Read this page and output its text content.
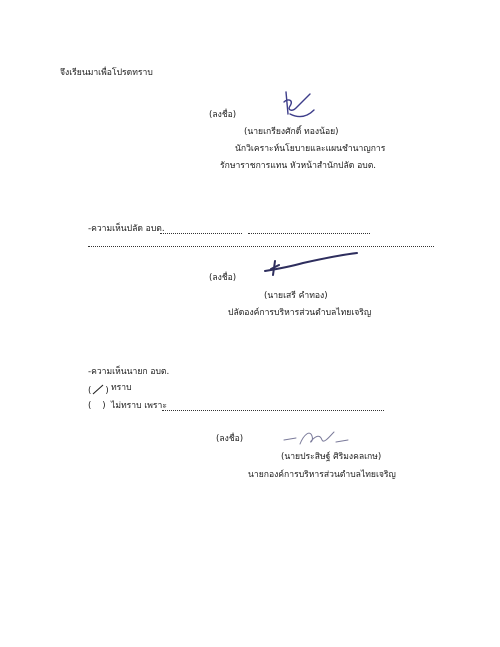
จึงเรียนมาเพื่อโปรดทราบ
(ลงชื่อ)
(นายเกรียงศักดิ์ ทองน้อย)
นักวิเคราะห์นโยบายและแผนชำนาญการ
รักษาราชการแทน หัวหน้าสำนักปลัด อบต.
-ความเห็นปลัด อบต.
(ลงชื่อ)
(นายเสรี คำทอง)
ปลัดองค์การบริหารส่วนตำบลไทยเจริญ
-ความเห็นนายก อบต.
( ) ทราบ
(    ) ไม่ทราบ เพราะ
(ลงชื่อ)
(นายประสิษฐ์ ศิริมงคลเกษ)
นายกองค์การบริหารส่วนตำบลไทยเจริญ
